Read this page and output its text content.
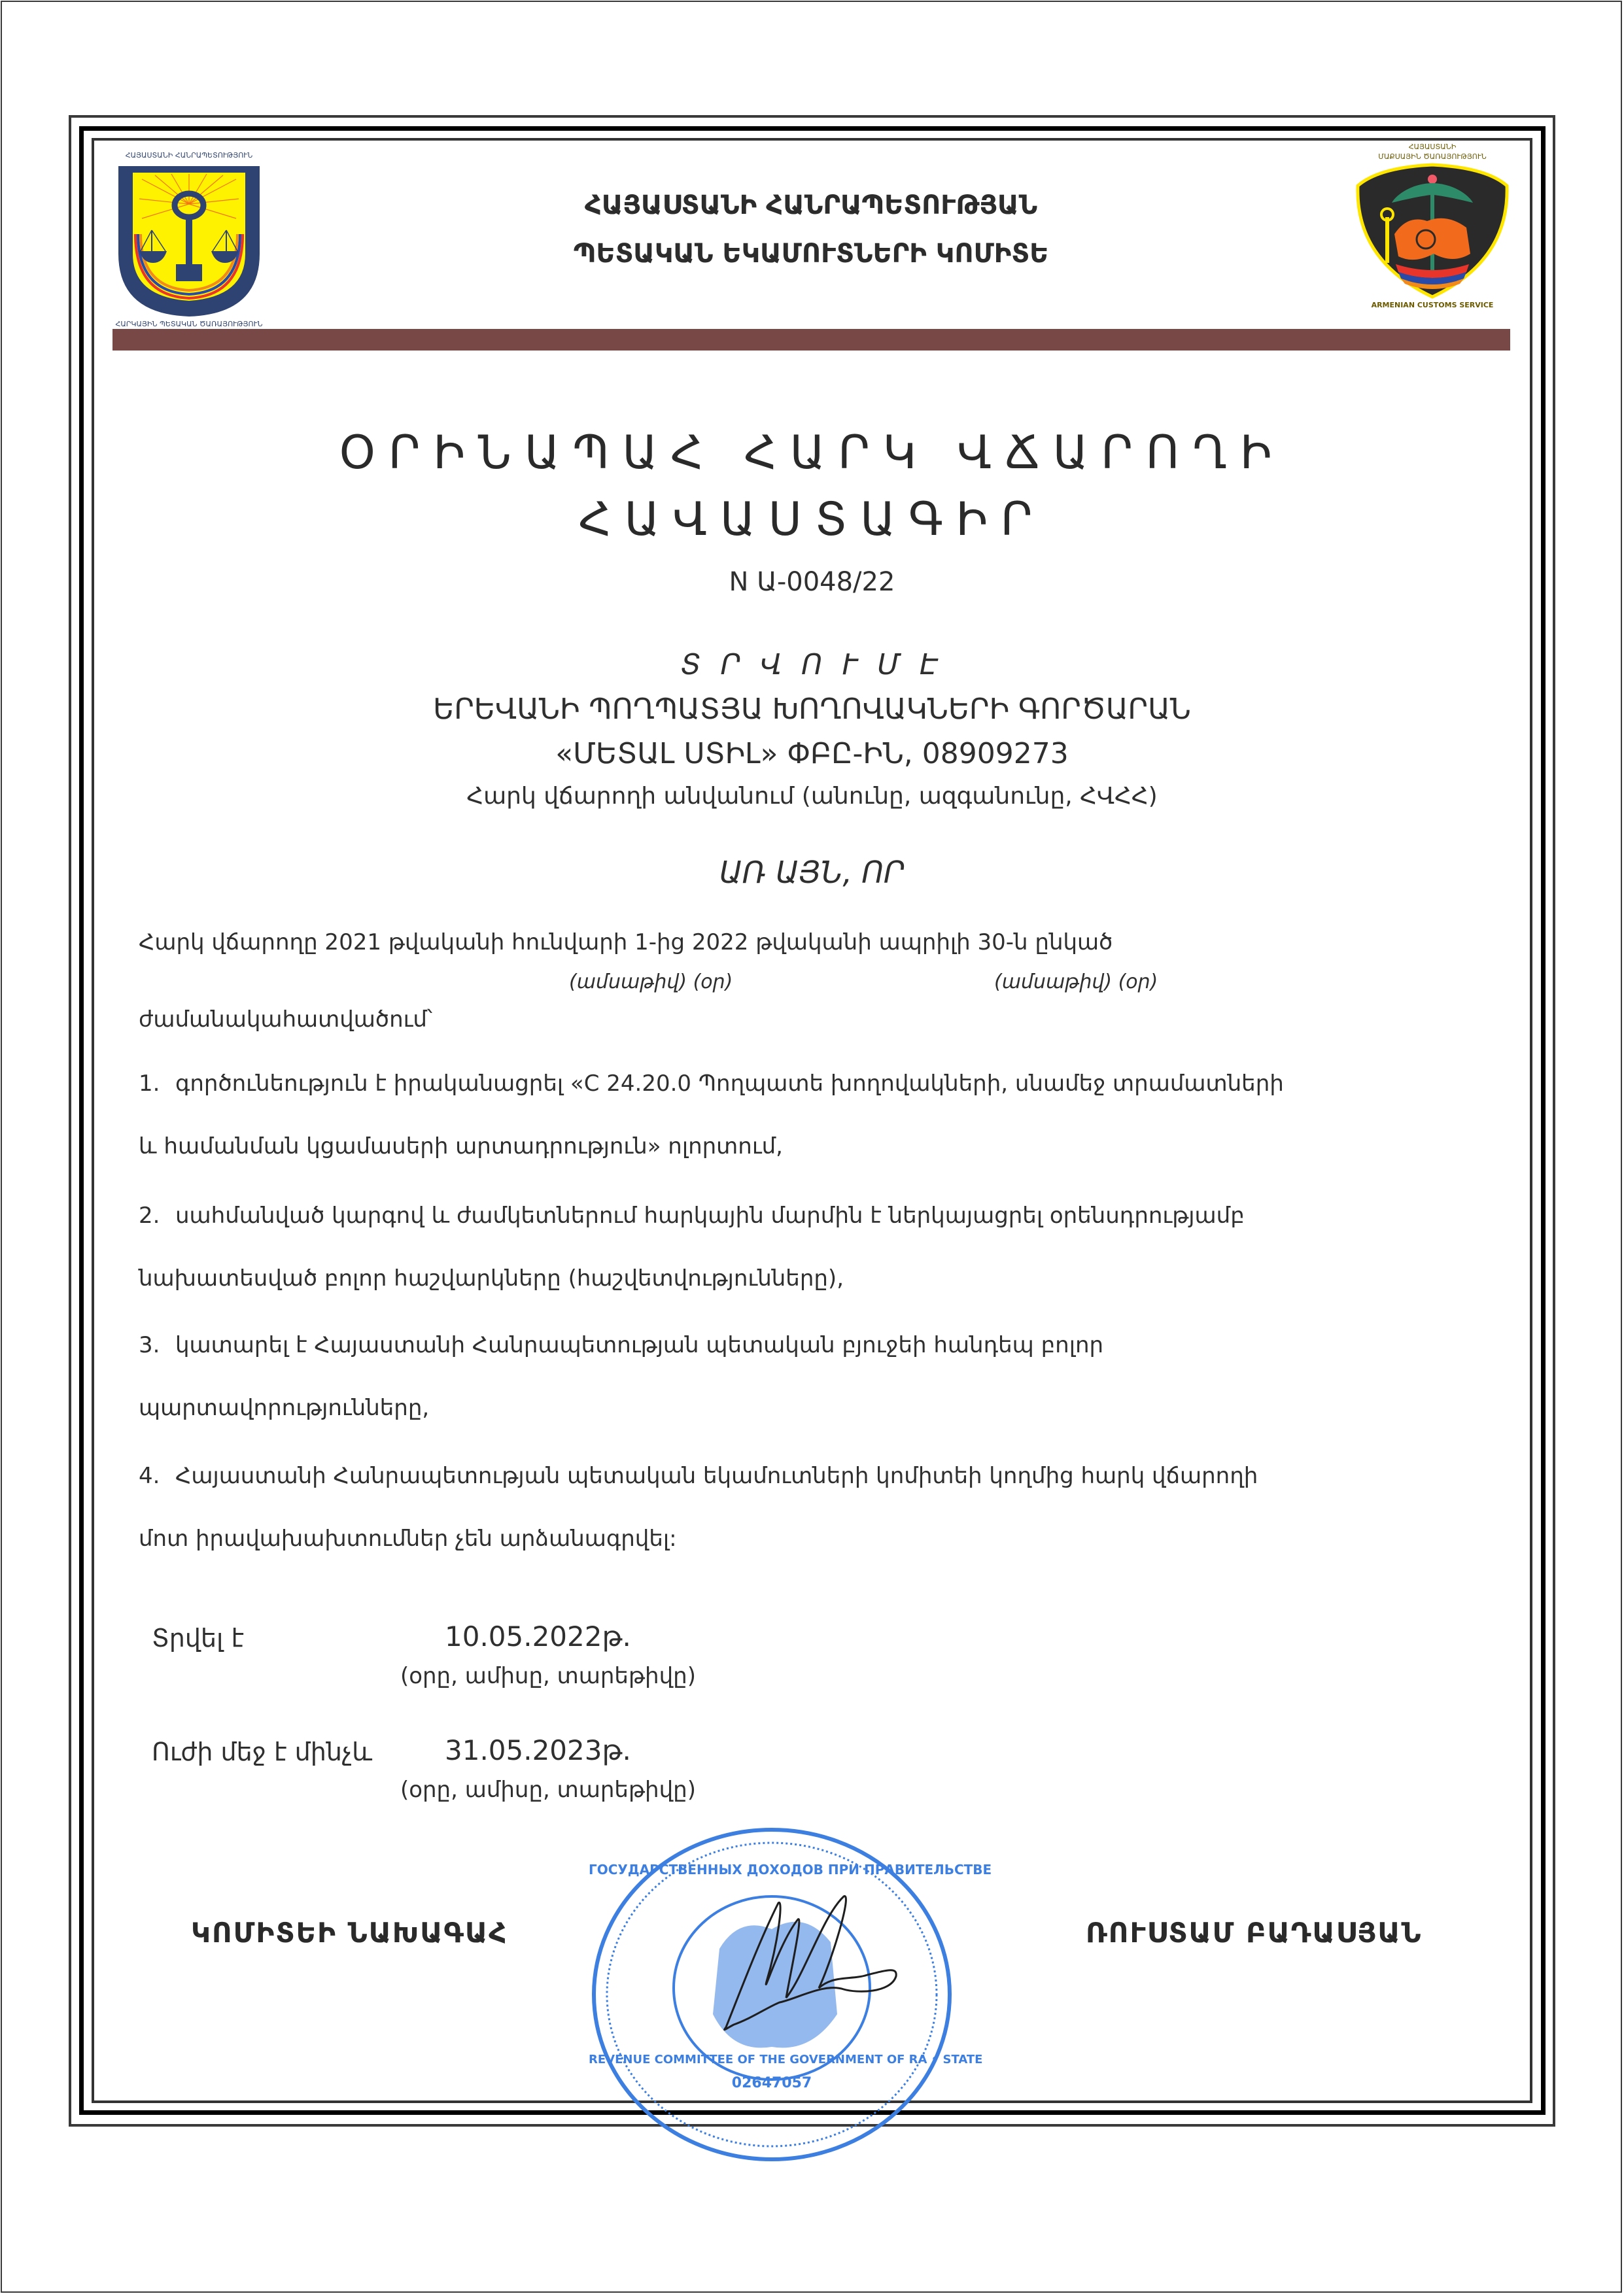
ՀԱՅԱՍՏԱՆԻ ՀԱՆՐԱՊԵՏՈՒԹՅՈՒՆ
ՀԱՐԿԱՅԻՆ ՊԵՏԱԿԱՆ ԾԱՌԱՅՈՒԹՅՈՒՆ
ՀԱՅԱՍՏԱՆԻ
ՄԱՔՍԱՅԻՆ ԾԱՌԱՅՈՒԹՅՈՒՆ
ARMENIAN CUSTOMS SERVICE
ՀԱՅԱՍՏԱՆԻ ՀԱՆՐԱՊԵՏՈՒԹՅԱՆ
ՊԵՏԱԿԱՆ ԵԿԱՄՈՒՏՆԵՐԻ ԿՈՄԻՏԵ
ՕՐԻՆԱՊԱՀ ՀԱՐԿ ՎՃԱՐՈՂԻ
ՀԱՎԱՍՏԱԳԻՐ
N Ա-0048/22
Տ Ր Վ Ո Ւ Մ Է
ԵՐԵՎԱՆԻ ՊՈՂՊԱՏՅԱ ԽՈՂՈՎԱԿՆԵՐԻ ԳՈՐԾԱՐԱՆ
«ՄԵՏԱԼ ՍՏԻԼ» ՓԲԸ-ԻՆ, 08909273
Հարկ վճարողի անվանում (անունը, ազգանունը, ՀՎՀՀ)
ԱՌ ԱՅՆ, ՈՐ
Հարկ վճարողը 2021 թվականի հունվարի 1-ից 2022 թվականի ապրիլի 30-ն ընկած
(ամսաթիվ) (օր)	(ամսաթիվ) (օր)
ժամանակահատվածում՝
1. գործունեություն է իրականացրել «C 24.20.0 Պողպատե խողովակների, սնամեջ տրամատների
և համանման կցամասերի արտադրություն» ոլորտում,
2. սահմանված կարգով և ժամկետներում հարկային մարմին է ներկայացրել օրենսդրությամբ
նախատեսված բոլոր հաշվարկները (հաշվետվությունները),
3. կատարել է Հայաստանի Հանրապետության պետական բյուջեի հանդեպ բոլոր
պարտավորությունները,
4. Հայաստանի Հանրապետության պետական եկամուտների կոմիտեի կողմից հարկ վճարողի
մոտ իրավախախտումներ չեն արձանագրվել:
Տրվել է	10.05.2022թ.
(օրը, ամիսը, տարեթիվը)
Ուժի մեջ է մինչև	31.05.2023թ.
(օրը, ամիսը, տարեթիվը)
ԿՈՄԻՏԵԻ ՆԱԽԱԳԱՀ	ՌՈՒՍՏԱՄ ԲԱԴԱՍՅԱՆ
ГОСУДАРСТВЕННЫХ ДОХОДОВ ПРИ ПРАВИТЕЛЬСТВЕ
REVENUE COMMITTEE OF THE GOVERNMENT OF RA • STATE
02647057
